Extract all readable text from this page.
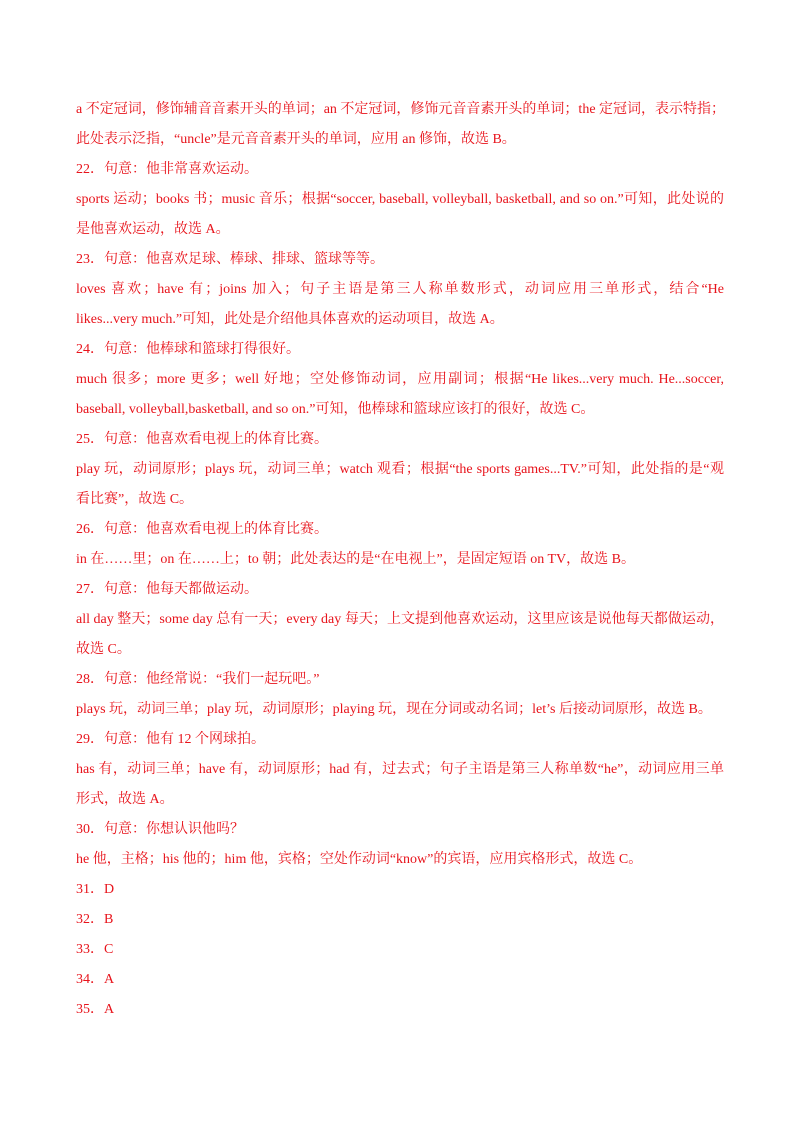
a 不定冠词，修饰辅音音素开头的单词；an 不定冠词，修饰元音音素开头的单词；the 定冠词，表示特指；

此处表示泛指，“uncle”是元音音素开头的单词，应用 an 修饰，故选 B。

22．句意：他非常喜欢运动。

sports 运动；books 书；music 音乐；根据“soccer, baseball, volleyball, basketball, and so on.”可知，此处说的

是他喜欢运动，故选 A。

23．句意：他喜欢足球、棒球、排球、篮球等等。

loves 喜欢；have 有；joins 加入；句子主语是第三人称单数形式，动词应用三单形式，结合“He

likes...very much.”可知，此处是介绍他具体喜欢的运动项目，故选 A。

24．句意：他棒球和篮球打得很好。

much 很多；more 更多；well 好地；空处修饰动词，应用副词；根据“He likes...very much. He...soccer,

baseball, volleyball,basketball, and so on.”可知，他棒球和篮球应该打的很好，故选 C。

25．句意：他喜欢看电视上的体育比赛。

play 玩，动词原形；plays 玩，动词三单；watch 观看；根据“the sports games...TV.”可知，此处指的是“观

看比赛”，故选 C。

26．句意：他喜欢看电视上的体育比赛。

in 在……里；on 在……上；to 朝；此处表达的是“在电视上”，是固定短语 on TV，故选 B。

27．句意：他每天都做运动。

all day 整天；some day 总有一天；every day 每天；上文提到他喜欢运动，这里应该是说他每天都做运动，

故选 C。

28．句意：他经常说：“我们一起玩吧。”

plays 玩，动词三单；play 玩，动词原形；playing 玩，现在分词或动名词；let’s 后接动词原形，故选 B。

29．句意：他有 12 个网球拍。

has 有，动词三单；have 有，动词原形；had 有，过去式；句子主语是第三人称单数“he”，动词应用三单

形式，故选 A。

30．句意：你想认识他吗？

he 他，主格；his 他的；him 他，宾格；空处作动词“know”的宾语，应用宾格形式，故选 C。

31．D

32．B

33．C

34．A

35．A
